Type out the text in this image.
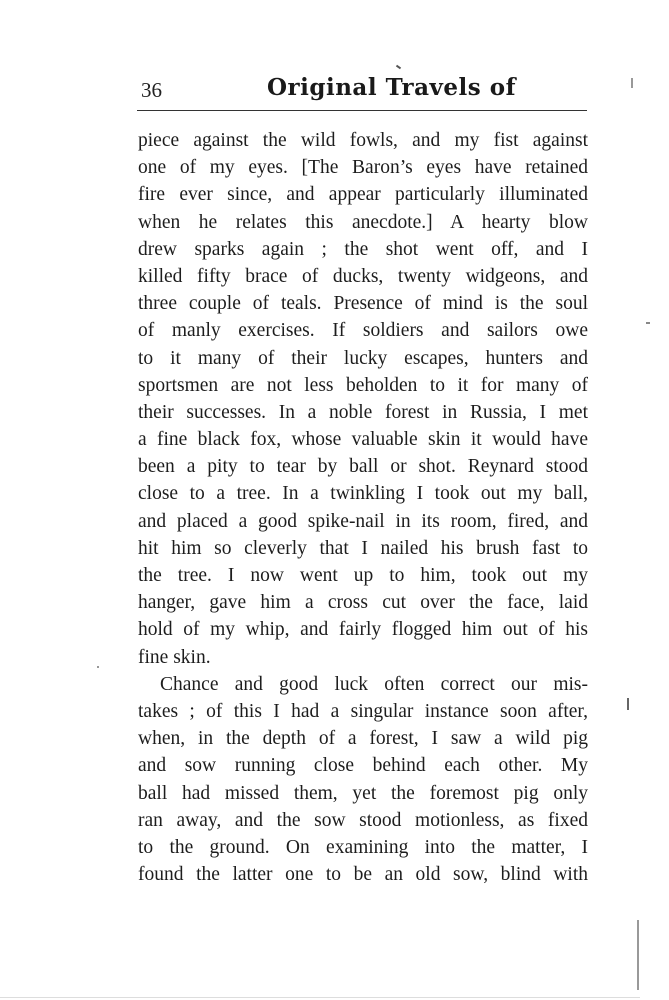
36	Original Travels of
piece against the wild fowls, and my fist against
one of my eyes. [The Baron’s eyes have retained
fire ever since, and appear particularly illuminated
when he relates this anecdote.] A hearty blow
drew sparks again ; the shot went off, and I
killed fifty brace of ducks, twenty widgeons, and
three couple of teals. Presence of mind is the soul
of manly exercises. If soldiers and sailors owe
to it many of their lucky escapes, hunters and
sportsmen are not less beholden to it for many of
their successes. In a noble forest in Russia, I met
a fine black fox, whose valuable skin it would have
been a pity to tear by ball or shot. Reynard stood
close to a tree. In a twinkling I took out my ball,
and placed a good spike-nail in its room, fired, and
hit him so cleverly that I nailed his brush fast to
the tree. I now went up to him, took out my
hanger, gave him a cross cut over the face, laid
hold of my whip, and fairly flogged him out of his
fine skin.
Chance and good luck often correct our mis-
takes ; of this I had a singular instance soon after,
when, in the depth of a forest, I saw a wild pig
and sow running close behind each other. My
ball had missed them, yet the foremost pig only
ran away, and the sow stood motionless, as fixed
to the ground. On examining into the matter, I
found the latter one to be an old sow, blind with
